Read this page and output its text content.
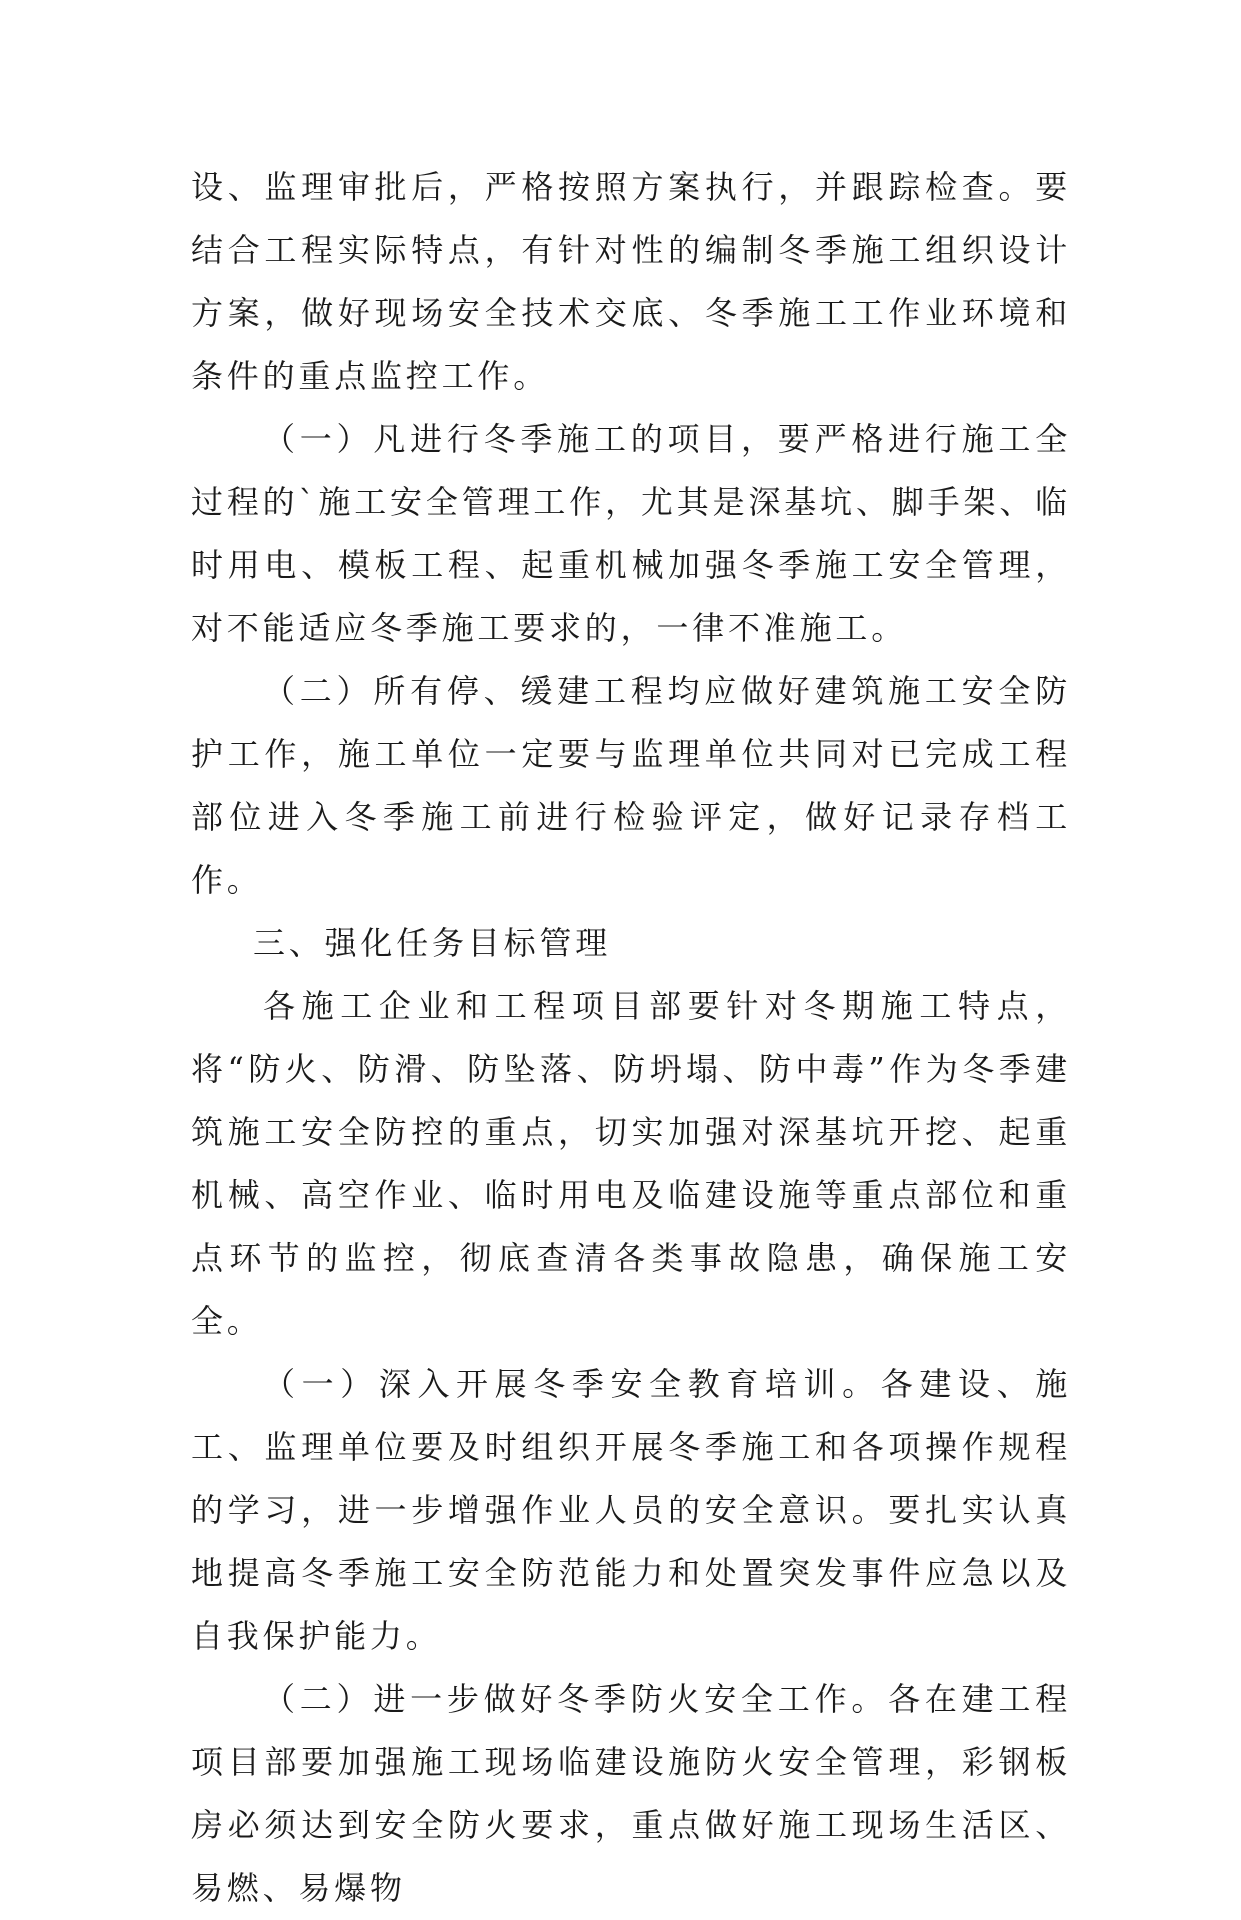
设、监理审批后，严格按照方案执行，并跟踪检查。要结合工程实际特点，有针对性的编制冬季施工组织设计方案，做好现场安全技术交底、冬季施工工作业环境和条件的重点监控工作。

（一）凡进行冬季施工的项目，要严格进行施工全过程的`施工安全管理工作，尤其是深基坑、脚手架、临时用电、模板工程、起重机械加强冬季施工安全管理，对不能适应冬季施工要求的，一律不准施工。

（二）所有停、缓建工程均应做好建筑施工安全防护工作，施工单位一定要与监理单位共同对已完成工程部位进入冬季施工前进行检验评定，做好记录存档工作。

三、强化任务目标管理

各施工企业和工程项目部要针对冬期施工特点，将“防火、防滑、防坠落、防坍塌、防中毒”作为冬季建筑施工安全防控的重点，切实加强对深基坑开挖、起重机械、高空作业、临时用电及临建设施等重点部位和重点环节的监控，彻底查清各类事故隐患，确保施工安全。

（一）深入开展冬季安全教育培训。各建设、施工、监理单位要及时组织开展冬季施工和各项操作规程的学习，进一步增强作业人员的安全意识。要扎实认真地提高冬季施工安全防范能力和处置突发事件应急以及自我保护能力。

（二）进一步做好冬季防火安全工作。各在建工程项目部要加强施工现场临建设施防火安全管理，彩钢板房必须达到安全防火要求，重点做好施工现场生活区、易燃、易爆物
